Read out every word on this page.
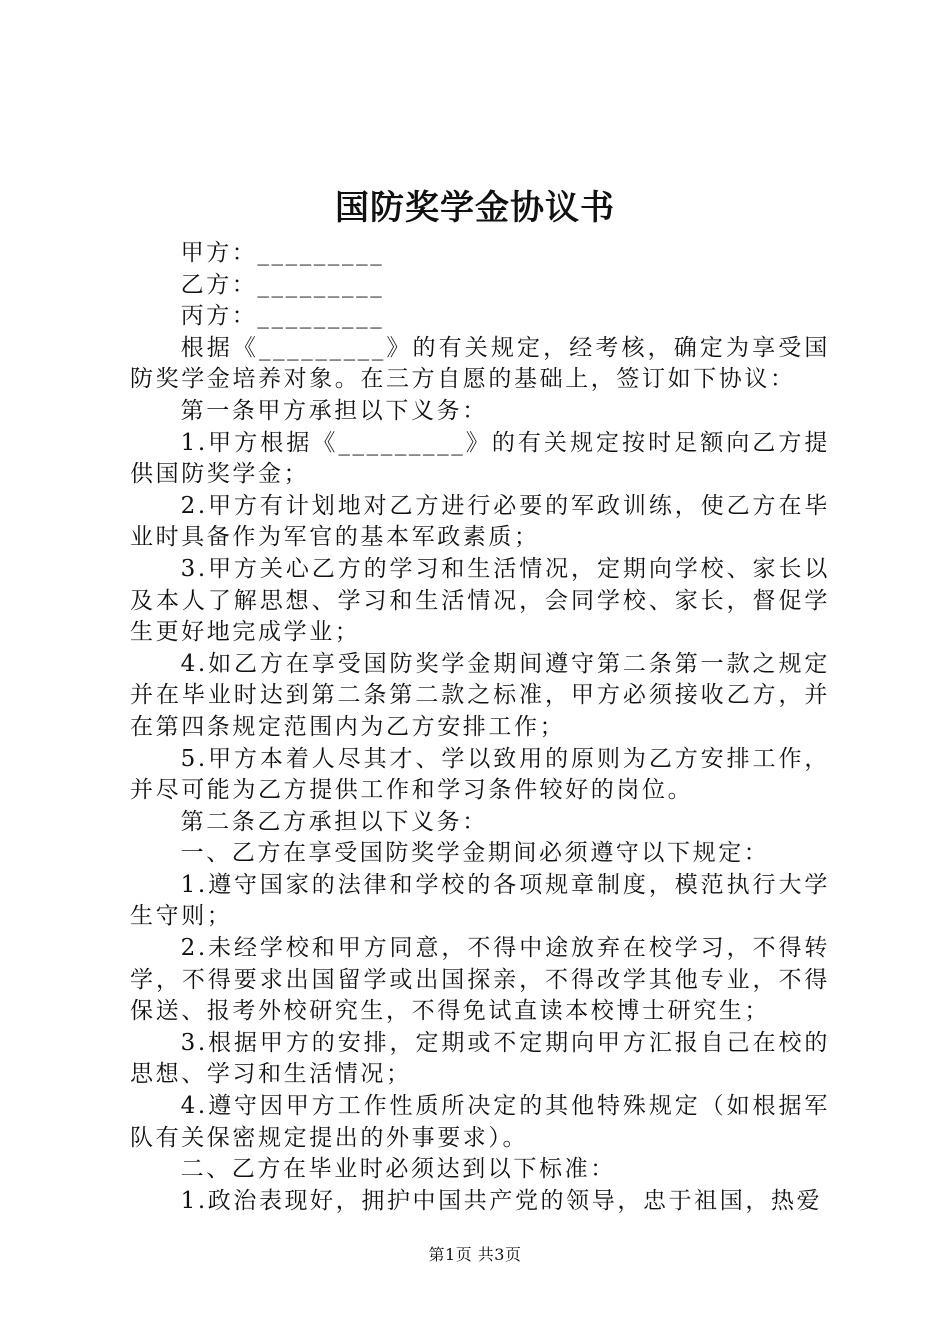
国防奖学金协议书

甲方：_________

乙方：_________

丙方：_________

根据《_________》的有关规定，经考核，确定为享受国防奖学金培养对象。在三方自愿的基础上，签订如下协议：

第一条甲方承担以下义务：

1.甲方根据《_________》的有关规定按时足额向乙方提供国防奖学金；

2.甲方有计划地对乙方进行必要的军政训练，使乙方在毕业时具备作为军官的基本军政素质；

3.甲方关心乙方的学习和生活情况，定期向学校、家长以及本人了解思想、学习和生活情况，会同学校、家长，督促学生更好地完成学业；

4.如乙方在享受国防奖学金期间遵守第二条第一款之规定并在毕业时达到第二条第二款之标准，甲方必须接收乙方，并在第四条规定范围内为乙方安排工作；

5.甲方本着人尽其才、学以致用的原则为乙方安排工作，并尽可能为乙方提供工作和学习条件较好的岗位。

第二条乙方承担以下义务：

一、乙方在享受国防奖学金期间必须遵守以下规定：

1.遵守国家的法律和学校的各项规章制度，模范执行大学生守则；

2.未经学校和甲方同意，不得中途放弃在校学习，不得转学，不得要求出国留学或出国探亲，不得改学其他专业，不得保送、报考外校研究生，不得免试直读本校博士研究生；

3.根据甲方的安排，定期或不定期向甲方汇报自己在校的思想、学习和生活情况；

4.遵守因甲方工作性质所决定的其他特殊规定（如根据军队有关保密规定提出的外事要求）。

二、乙方在毕业时必须达到以下标准：

1.政治表现好，拥护中国共产党的领导，忠于祖国，热爱

第1页 共3页
